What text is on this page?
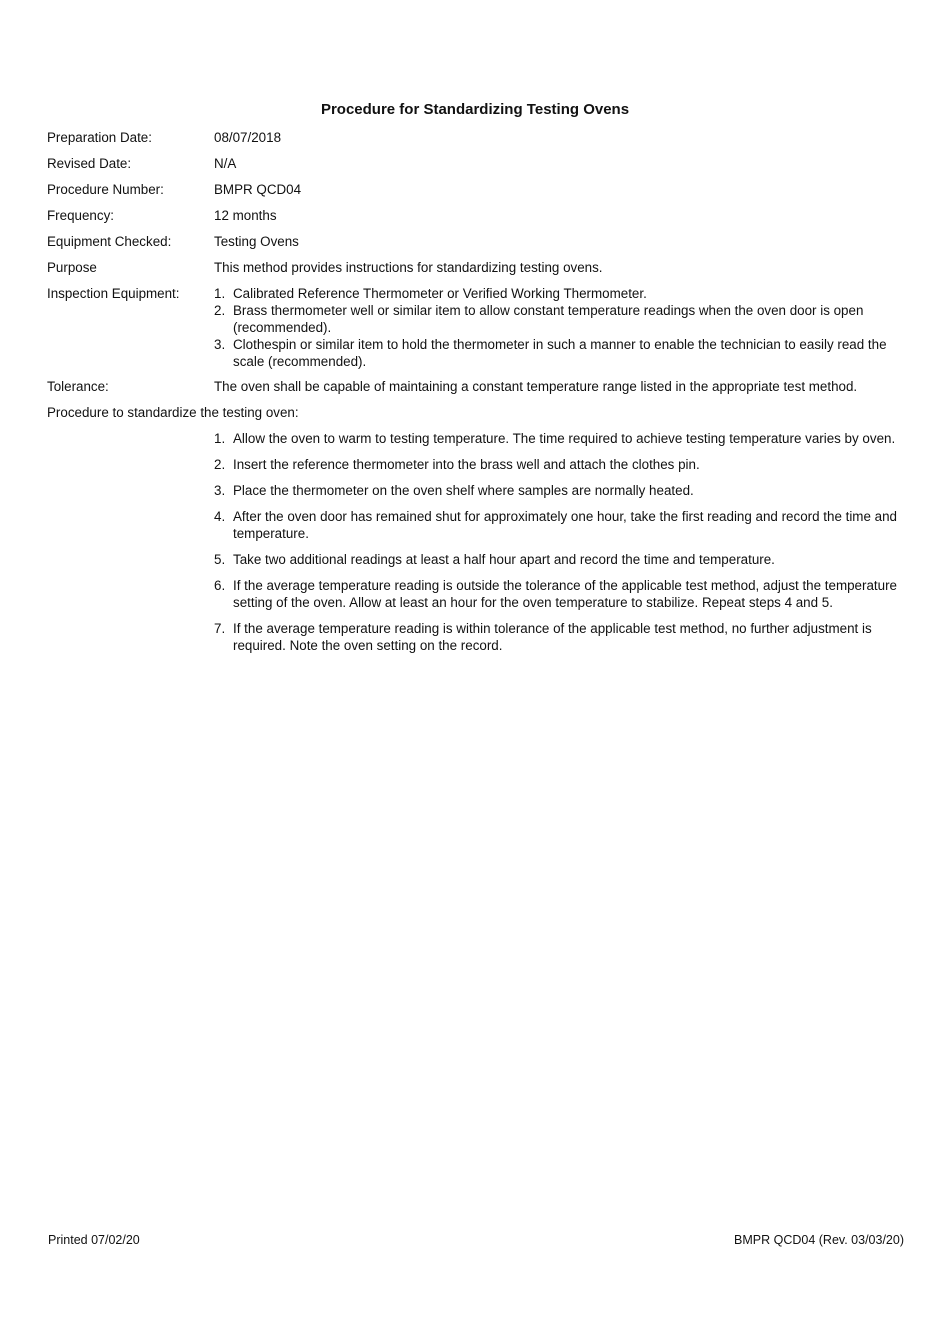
Procedure for Standardizing Testing Ovens
Preparation Date:	08/07/2018
Revised Date:	N/A
Procedure Number:	BMPR QCD04
Frequency:	12 months
Equipment Checked:	Testing Ovens
Purpose	This method provides instructions for standardizing testing ovens.
Inspection Equipment:	1. Calibrated Reference Thermometer or Verified Working Thermometer.
2. Brass thermometer well or similar item to allow constant temperature readings when the oven door is open (recommended).
3. Clothespin or similar item to hold the thermometer in such a manner to enable the technician to easily read the scale (recommended).
Tolerance:	The oven shall be capable of maintaining a constant temperature range listed in the appropriate test method.
Procedure to standardize the testing oven:
1. Allow the oven to warm to testing temperature. The time required to achieve testing temperature varies by oven.
2. Insert the reference thermometer into the brass well and attach the clothes pin.
3. Place the thermometer on the oven shelf where samples are normally heated.
4. After the oven door has remained shut for approximately one hour, take the first reading and record the time and temperature.
5. Take two additional readings at least a half hour apart and record the time and temperature.
6. If the average temperature reading is outside the tolerance of the applicable test method, adjust the temperature setting of the oven. Allow at least an hour for the oven temperature to stabilize. Repeat steps 4 and 5.
7. If the average temperature reading is within tolerance of the applicable test method, no further adjustment is required. Note the oven setting on the record.
Printed 07/02/20	BMPR QCD04 (Rev. 03/03/20)
